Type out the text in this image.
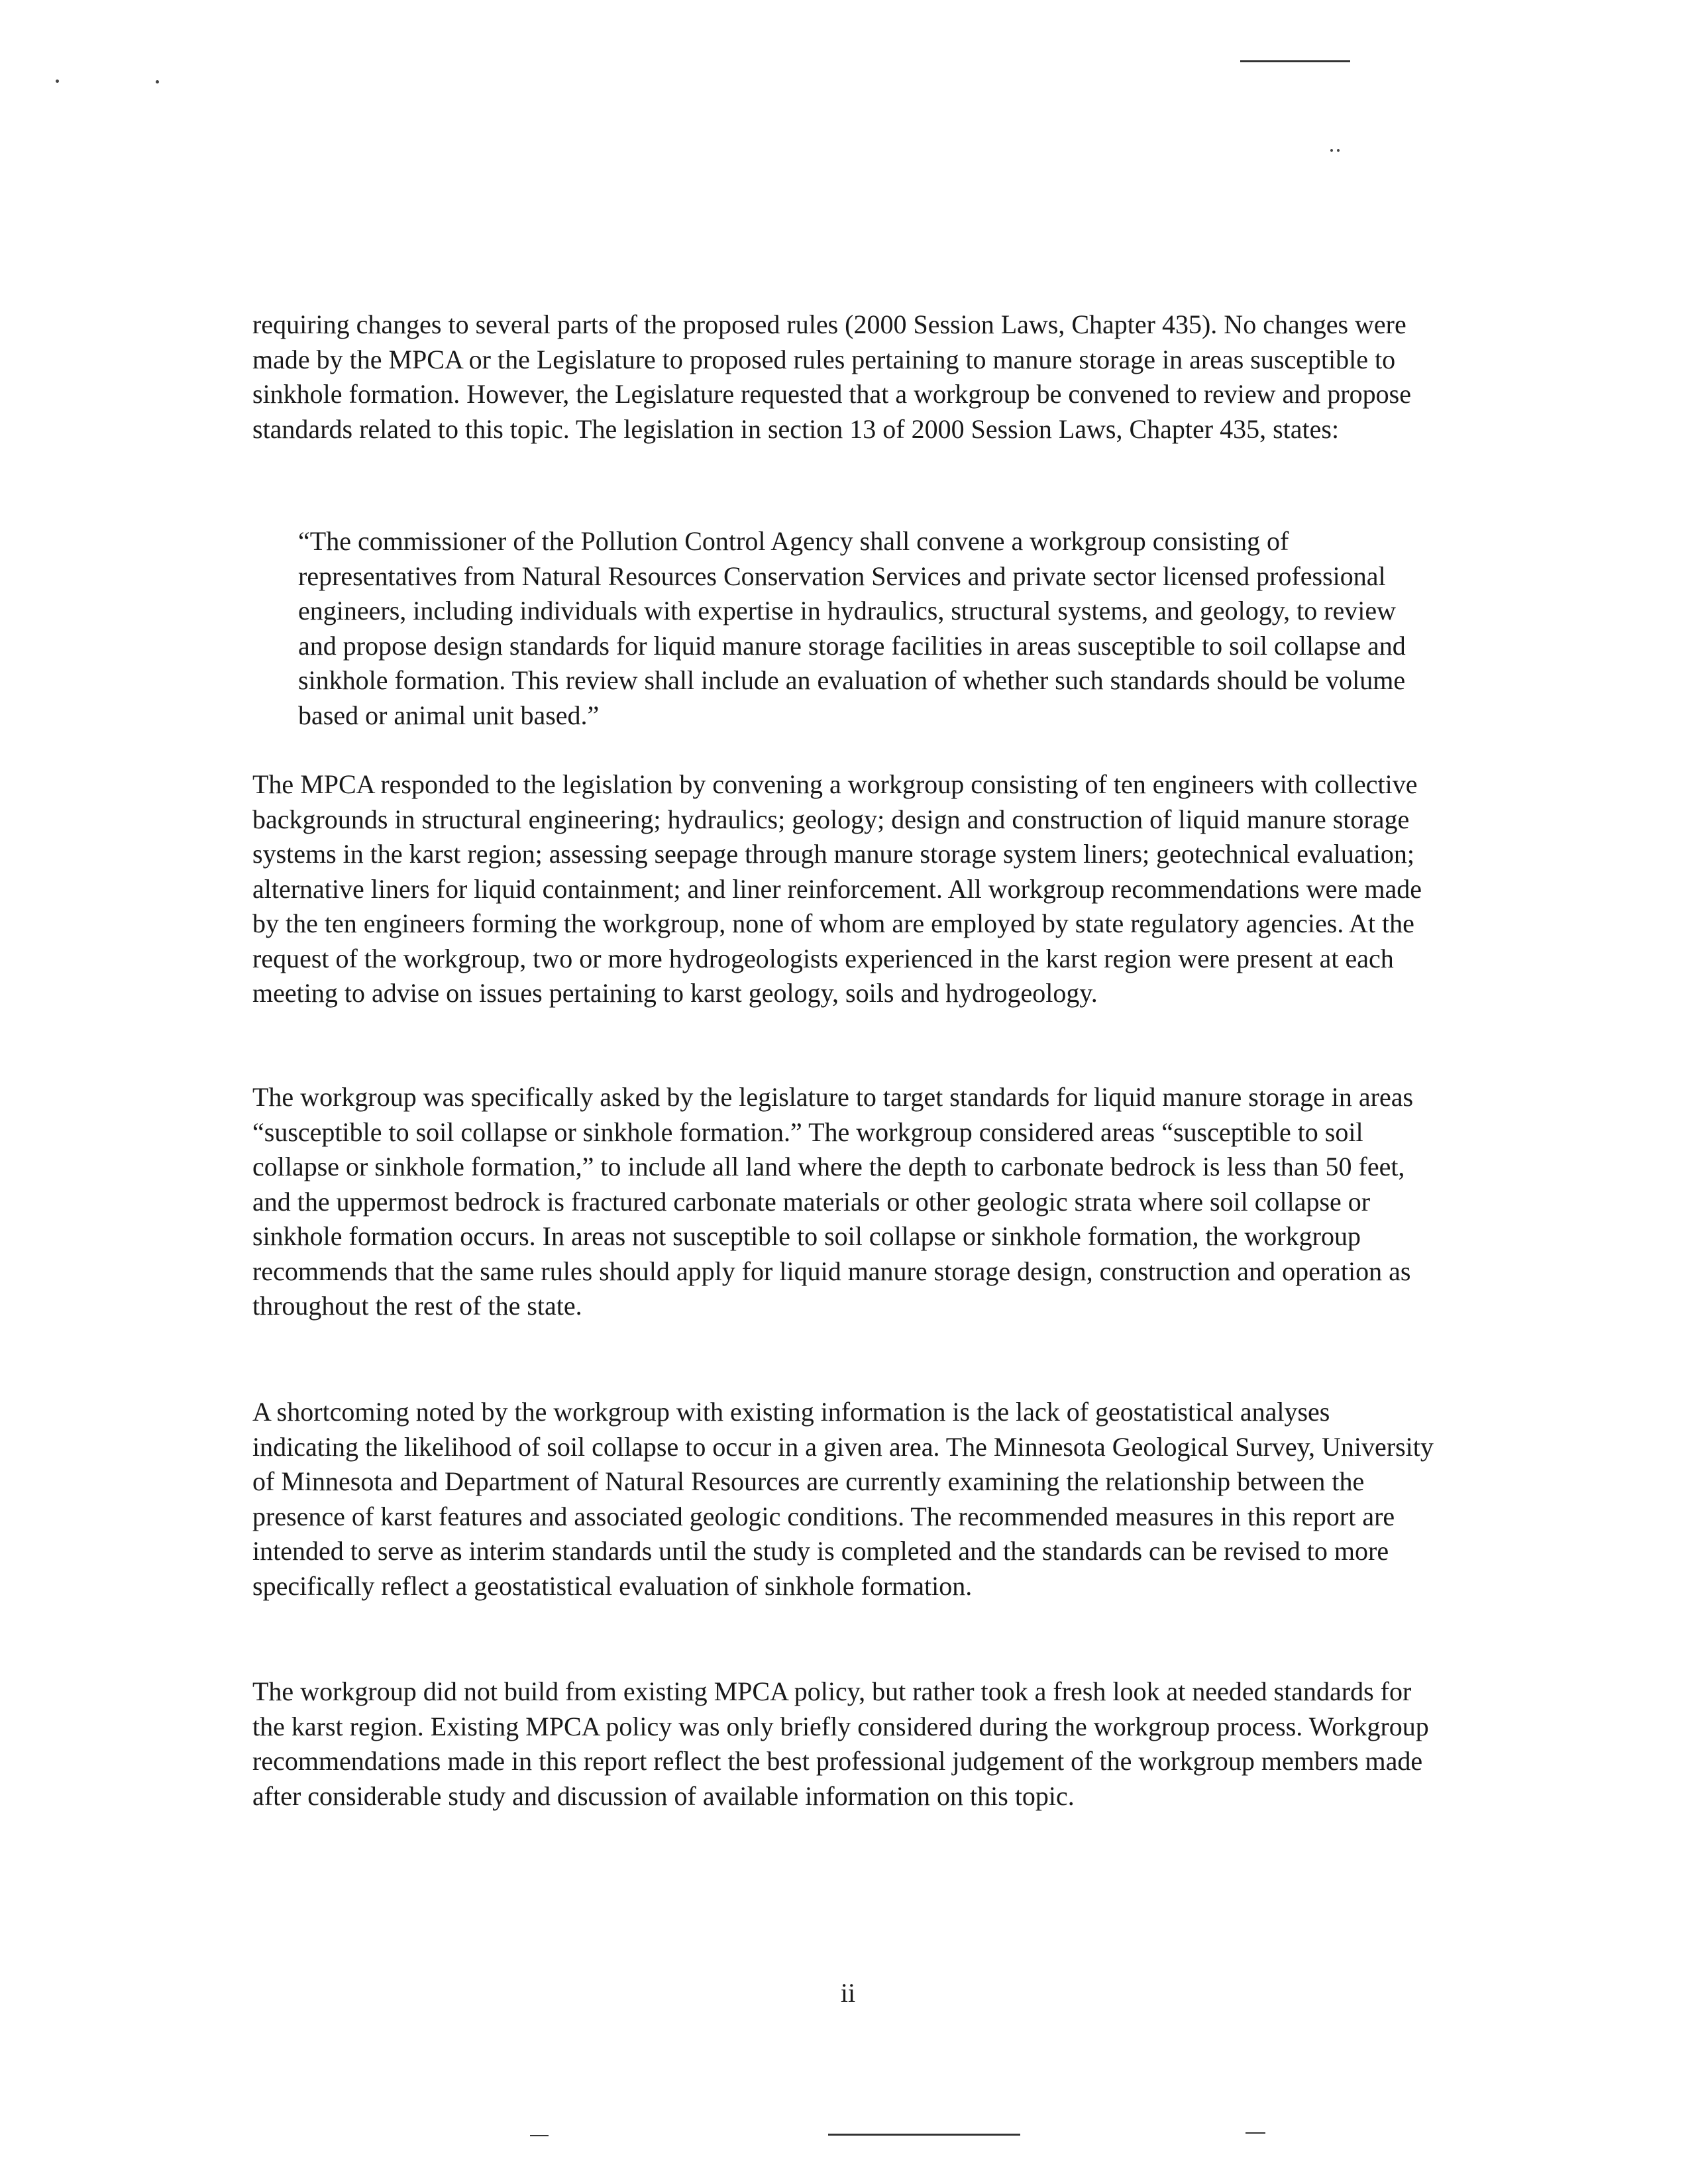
requiring changes to several parts of the proposed rules (2000 Session Laws, Chapter 435). No changes were made by the MPCA or the Legislature to proposed rules pertaining to manure storage in areas susceptible to sinkhole formation. However, the Legislature requested that a workgroup be convened to review and propose standards related to this topic. The legislation in section 13 of 2000 Session Laws, Chapter 435, states:

“The commissioner of the Pollution Control Agency shall convene a workgroup consisting of representatives from Natural Resources Conservation Services and private sector licensed professional engineers, including individuals with expertise in hydraulics, structural systems, and geology, to review and propose design standards for liquid manure storage facilities in areas susceptible to soil collapse and sinkhole formation. This review shall include an evaluation of whether such standards should be volume based or animal unit based.”

The MPCA responded to the legislation by convening a workgroup consisting of ten engineers with collective backgrounds in structural engineering; hydraulics; geology; design and construction of liquid manure storage systems in the karst region; assessing seepage through manure storage system liners; geotechnical evaluation; alternative liners for liquid containment; and liner reinforcement. All workgroup recommendations were made by the ten engineers forming the workgroup, none of whom are employed by state regulatory agencies. At the request of the workgroup, two or more hydrogeologists experienced in the karst region were present at each meeting to advise on issues pertaining to karst geology, soils and hydrogeology.

The workgroup was specifically asked by the legislature to target standards for liquid manure storage in areas “susceptible to soil collapse or sinkhole formation.” The workgroup considered areas “susceptible to soil collapse or sinkhole formation,” to include all land where the depth to carbonate bedrock is less than 50 feet, and the uppermost bedrock is fractured carbonate materials or other geologic strata where soil collapse or sinkhole formation occurs. In areas not susceptible to soil collapse or sinkhole formation, the workgroup recommends that the same rules should apply for liquid manure storage design, construction and operation as throughout the rest of the state.

A shortcoming noted by the workgroup with existing information is the lack of geostatistical analyses indicating the likelihood of soil collapse to occur in a given area. The Minnesota Geological Survey, University of Minnesota and Department of Natural Resources are currently examining the relationship between the presence of karst features and associated geologic conditions. The recommended measures in this report are intended to serve as interim standards until the study is completed and the standards can be revised to more specifically reflect a geostatistical evaluation of sinkhole formation.

The workgroup did not build from existing MPCA policy, but rather took a fresh look at needed standards for the karst region. Existing MPCA policy was only briefly considered during the workgroup process. Workgroup recommendations made in this report reflect the best professional judgement of the workgroup members made after considerable study and discussion of available information on this topic.

ii
